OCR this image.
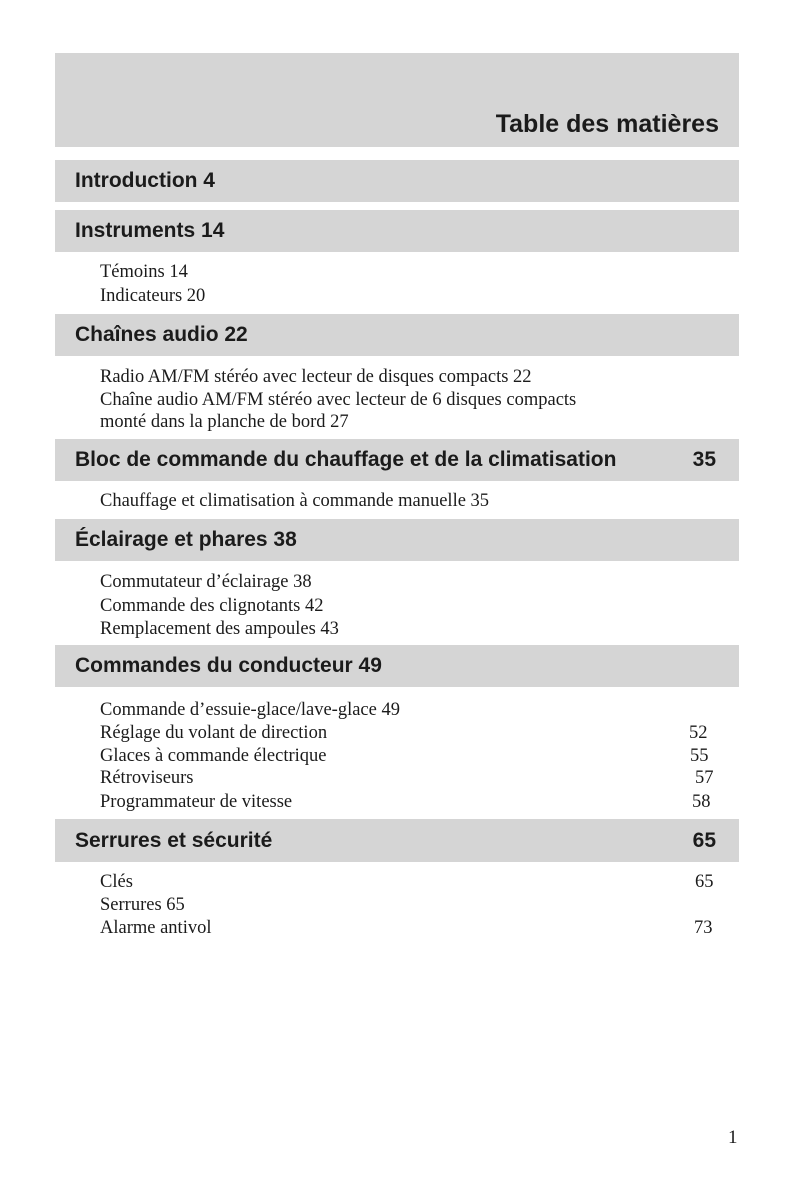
Table des matières
Introduction 4
Instruments 14
Témoins 14
Indicateurs 20
Chaînes audio 22
Radio AM/FM stéréo avec lecteur de disques compacts 22
Chaîne audio AM/FM stéréo avec lecteur de 6 disques compacts
monté dans la planche de bord 27
Bloc de commande du chauffage et de la climatisation	35
Chauffage et climatisation à commande manuelle 35
Éclairage et phares 38
Commutateur d’éclairage 38
Commande des clignotants 42
Remplacement des ampoules 43
Commandes du conducteur 49
Commande d’essuie-glace/lave-glace 49
Réglage du volant de direction	52
Glaces à commande électrique	55
Rétroviseurs	57
Programmateur de vitesse	58
Serrures et sécurité	65
Clés	65
Serrures 65
Alarme antivol	73
1
